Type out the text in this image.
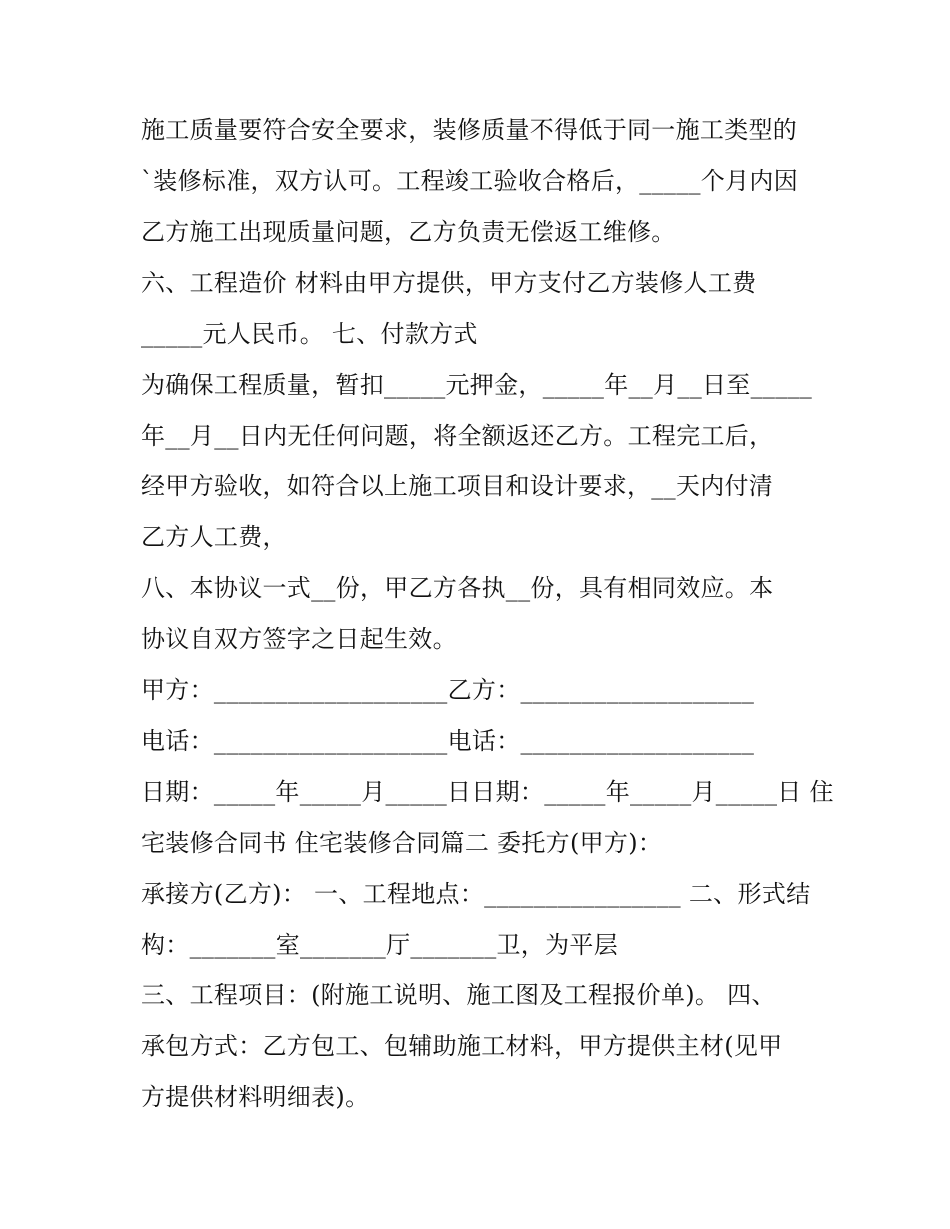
施工质量要符合安全要求，装修质量不得低于同一施工类型的
`装修标准，双方认可。工程竣工验收合格后，_____个月内因
乙方施工出现质量问题，乙方负责无偿返工维修。
六、工程造价 材料由甲方提供，甲方支付乙方装修人工费
_____元人民币。 七、付款方式
为确保工程质量，暂扣_____元押金，_____年__月__日至_____
年__月__日内无任何问题，将全额返还乙方。工程完工后，
经甲方验收，如符合以上施工项目和设计要求，__天内付清
乙方人工费，
八、本协议一式__份，甲乙方各执__份，具有相同效应。本
协议自双方签字之日起生效。
甲方：___________________乙方：___________________
电话：___________________电话：___________________
日期：_____年_____月_____日日期：_____年_____月_____日 住
宅装修合同书 住宅装修合同篇二 委托方(甲方)：
承接方(乙方)： 一、工程地点：________________ 二、形式结
构：_______室_______厅_______卫，为平层
三、工程项目：(附施工说明、施工图及工程报价单)。 四、
承包方式：乙方包工、包辅助施工材料，甲方提供主材(见甲
方提供材料明细表)。
